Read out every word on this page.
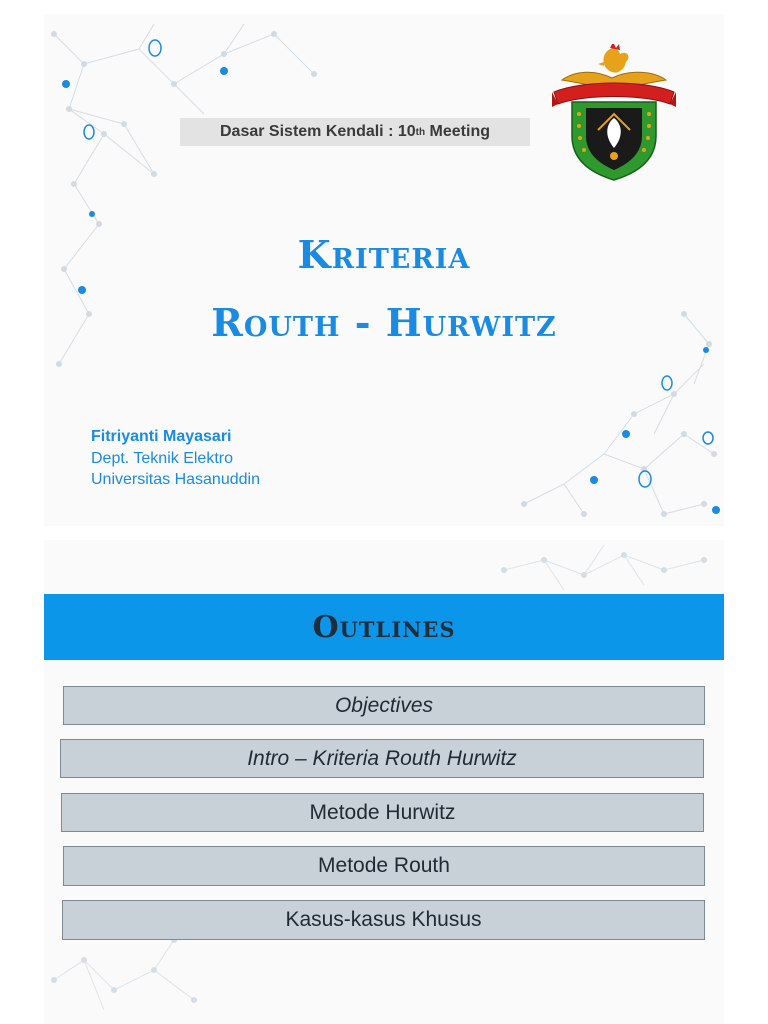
Dasar Sistem Kendali : 10 th Meeting
Kriteria
Routh - Hurwitz
Fitriyanti Mayasari
Dept. Teknik Elektro
Universitas Hasanuddin
Outlines
Objectives
Intro – Kriteria Routh Hurwitz
Metode Hurwitz
Metode Routh
Kasus-kasus Khusus
